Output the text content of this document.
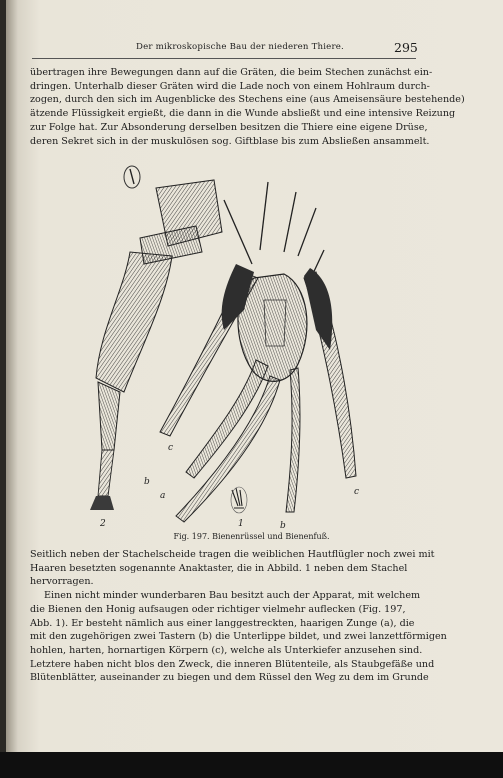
Der mikroskopische Bau der niederen Thiere.	295
übertragen ihre Bewegungen dann auf die Gräten, die beim Stechen zunächst ein-
dringen. Unterhalb dieser Gräten wird die Lade noch von einem Hohlraum durch-
zogen, durch den sich im Augenblicke des Stechens eine (aus Ameisensäure bestehende)
ätzende Flüssigkeit ergießt, die dann in die Wunde absließt und eine intensive Reizung
zur Folge hat. Zur Absonderung derselben besitzen die Thiere eine eigene Drüse,
deren Sekret sich in der muskulösen sog. Giftblase bis zum Absließen ansammelt.
c
b
a
b
c
1
2
Fig. 197. Bienenrüssel und Bienenfuß.
Seitlich neben der Stachelscheide tragen die weiblichen Hautflügler noch zwei mit
Haaren besetzten sogenannte Anaktaster, die in Abbild. 1 neben dem Stachel
hervorragen.
Einen nicht minder wunderbaren Bau besitzt auch der Apparat, mit welchem
die Bienen den Honig aufsaugen oder richtiger vielmehr auflecken (Fig. 197,
Abb. 1). Er besteht nämlich aus einer langgestreckten, haarigen Zunge (a), die
mit den zugehörigen zwei Tastern (b) die Unterlippe bildet, und zwei lanzettförmigen
hohlen, harten, hornartigen Körpern (c), welche als Unterkiefer anzusehen sind.
Letztere haben nicht blos den Zweck, die inneren Blütenteile, als Staubgefäße und
Blütenblätter, auseinander zu biegen und dem Rüssel den Weg zu dem im Grunde
